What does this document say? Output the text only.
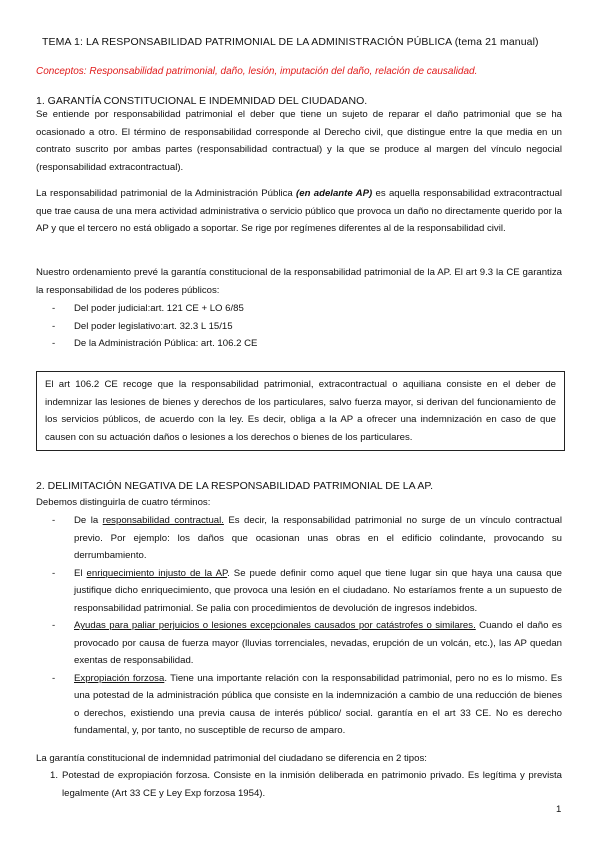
TEMA 1: LA RESPONSABILIDAD PATRIMONIAL DE LA ADMINISTRACIÓN PÚBLICA (tema 21 manual)
Conceptos: Responsabilidad patrimonial, daño, lesión, imputación del daño, relación de causalidad.
1. GARANTÍA CONSTITUCIONAL E INDEMNIDAD DEL CIUDADANO.

Se entiende por responsabilidad patrimonial el deber que tiene un sujeto de reparar el daño patrimonial que se ha ocasionado a otro. El término de responsabilidad corresponde al Derecho civil, que distingue entre la que media en un contrato suscrito por ambas partes (responsabilidad contractual) y la que se produce al margen del vínculo negocial (responsabilidad extracontractual).

La responsabilidad patrimonial de la Administración Pública (en adelante AP) es aquella responsabilidad extracontractual que trae causa de una mera actividad administrativa o servicio público que provoca un daño no directamente querido por la AP y que el tercero no está obligado a soportar. Se rige por regímenes diferentes al de la responsabilidad civil.

Nuestro ordenamiento prevé la garantía constitucional de la responsabilidad patrimonial de la AP. El art 9.3 la CE garantiza la responsabilidad de los poderes públicos:

- Del poder judicial:art. 121 CE + LO 6/85
- Del poder legislativo:art. 32.3 L 15/15
- De la Administración Pública: art. 106.2 CE
El art 106.2 CE recoge que la responsabilidad patrimonial, extracontractual o aquiliana consiste en el deber de indemnizar las lesiones de bienes y derechos de los particulares, salvo fuerza mayor, si derivan del funcionamiento de los servicios públicos, de acuerdo con la ley. Es decir, obliga a la AP a ofrecer una indemnización en caso de que causen con su actuación daños o lesiones a los derechos o bienes de los particulares.
2. DELIMITACIÓN NEGATIVA DE LA RESPONSABILIDAD PATRIMONIAL DE LA AP.

Debemos distinguirla de cuatro términos:

- De la responsabilidad contractual. Es decir, la responsabilidad patrimonial no surge de un vínculo contractual previo. Por ejemplo: los daños que ocasionan unas obras en el edificio colindante, provocando su derrumbamiento.
- El enriquecimiento injusto de la AP. Se puede definir como aquel que tiene lugar sin que haya una causa que justifique dicho enriquecimiento, que provoca una lesión en el ciudadano. No estaríamos frente a un supuesto de responsabilidad patrimonial. Se palia con procedimientos de devolución de ingresos indebidos.
- Ayudas para paliar perjuicios o lesiones excepcionales causados por catástrofes o similares. Cuando el daño es provocado por causa de fuerza mayor (lluvias torrenciales, nevadas, erupción de un volcán, etc.), las AP quedan exentas de responsabilidad.
- Expropiación forzosa. Tiene una importante relación con la responsabilidad patrimonial, pero no es lo mismo. Es una potestad de la administración pública que consiste en la indemnización a cambio de una reducción de bienes o derechos, existiendo una previa causa de interés público/ social. garantía en el art 33 CE. No es derecho fundamental, y, por tanto, no susceptible de recurso de amparo.

La garantía constitucional de indemnidad patrimonial del ciudadano se diferencia en 2 tipos:

1. Potestad de expropiación forzosa. Consiste en la inmisión deliberada en patrimonio privado. Es legítima y prevista legalmente (Art 33 CE y Ley Exp forzosa 1954).
1
